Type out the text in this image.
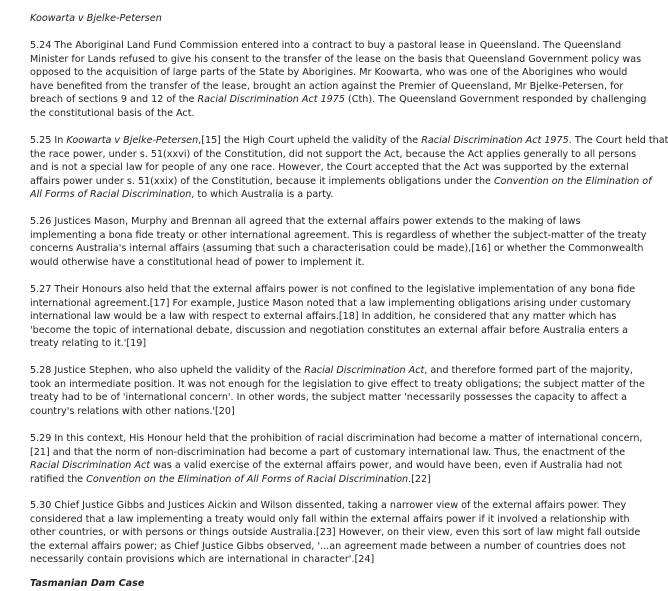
Koowarta v Bjelke-Petersen
5.24 The Aboriginal Land Fund Commission entered into a contract to buy a pastoral lease in Queensland. The Queensland
Minister for Lands refused to give his consent to the transfer of the lease on the basis that Queensland Government policy was
opposed to the acquisition of large parts of the State by Aborigines. Mr Koowarta, who was one of the Aborigines who would
have benefited from the transfer of the lease, brought an action against the Premier of Queensland, Mr Bjelke-Petersen, for
breach of sections 9 and 12 of the Racial Discrimination Act 1975 (Cth). The Queensland Government responded by challenging
the constitutional basis of the Act.
5.25 In Koowarta v Bjelke-Petersen,[15] the High Court upheld the validity of the Racial Discrimination Act 1975. The Court held that
the race power, under s. 51(xxvi) of the Constitution, did not support the Act, because the Act applies generally to all persons
and is not a special law for people of any one race. However, the Court accepted that the Act was supported by the external
affairs power under s. 51(xxix) of the Constitution, because it implements obligations under the Convention on the Elimination of
All Forms of Racial Discrimination, to which Australia is a party.
5.26 Justices Mason, Murphy and Brennan all agreed that the external affairs power extends to the making of laws
implementing a bona fide treaty or other international agreement. This is regardless of whether the subject-matter of the treaty
concerns Australia's internal affairs (assuming that such a characterisation could be made),[16] or whether the Commonwealth
would otherwise have a constitutional head of power to implement it.
5.27 Their Honours also held that the external affairs power is not confined to the legislative implementation of any bona fide
international agreement.[17] For example, Justice Mason noted that a law implementing obligations arising under customary
international law would be a law with respect to external affairs.[18] In addition, he considered that any matter which has
'become the topic of international debate, discussion and negotiation constitutes an external affair before Australia enters a
treaty relating to it.'[19]
5.28 Justice Stephen, who also upheld the validity of the Racial Discrimination Act, and therefore formed part of the majority,
took an intermediate position. It was not enough for the legislation to give effect to treaty obligations; the subject matter of the
treaty had to be of 'international concern'. In other words, the subject matter 'necessarily possesses the capacity to affect a
country's relations with other nations.'[20]
5.29 In this context, His Honour held that the prohibition of racial discrimination had become a matter of international concern,
[21] and that the norm of non-discrimination had become a part of customary international law. Thus, the enactment of the
Racial Discrimination Act was a valid exercise of the external affairs power, and would have been, even if Australia had not
ratified the Convention on the Elimination of All Forms of Racial Discrimination.[22]
5.30 Chief Justice Gibbs and Justices Aickin and Wilson dissented, taking a narrower view of the external affairs power. They
considered that a law implementing a treaty would only fall within the external affairs power if it involved a relationship with
other countries, or with persons or things outside Australia.[23] However, on their view, even this sort of law might fall outside
the external affairs power; as Chief Justice Gibbs observed, '...an agreement made between a number of countries does not
necessarily contain provisions which are international in character'.[24]
Tasmanian Dam Case
